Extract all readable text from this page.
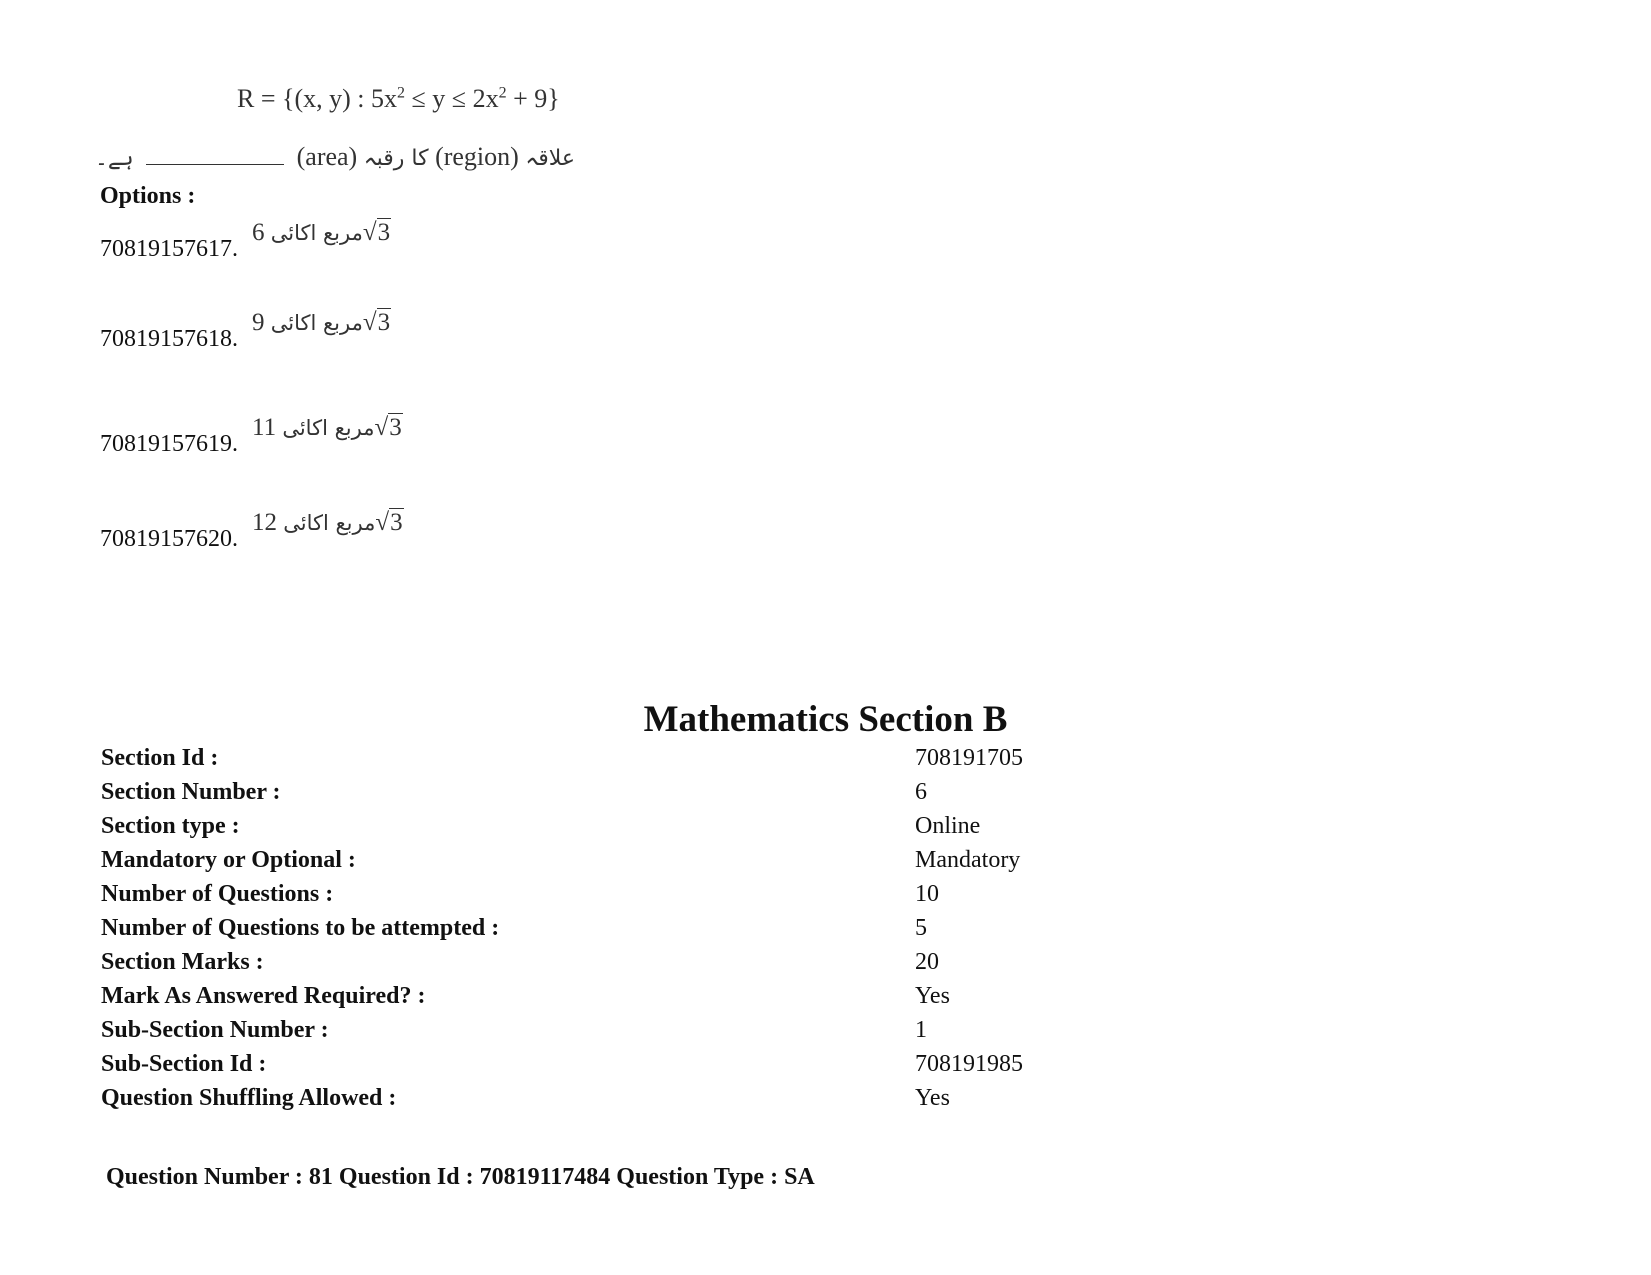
R = {(x, y) : $5x^2 \le y \le 2x^2 + 9$}
علاقہ (region) کا رقبہ (area)  ہے۔
Options :
70819157617.مربع اکائی 6	√3
70819157618.مربع اکائی 9	√3
70819157619.مربع اکائی 11	√3
70819157620.مربع اکائی 12	√3
Mathematics Section B
Section Id :	708191705
Section Number :	6
Section type :	Online
Mandatory or Optional :	Mandatory
Number of Questions :	10
Number of Questions to be attempted :	5
Section Marks :	20
Mark As Answered Required? :	Yes
Sub-Section Number :	1
Sub-Section Id :	708191985
Question Shuffling Allowed :	Yes
Question Number : 81 Question Id : 70819117484 Question Type : SA
